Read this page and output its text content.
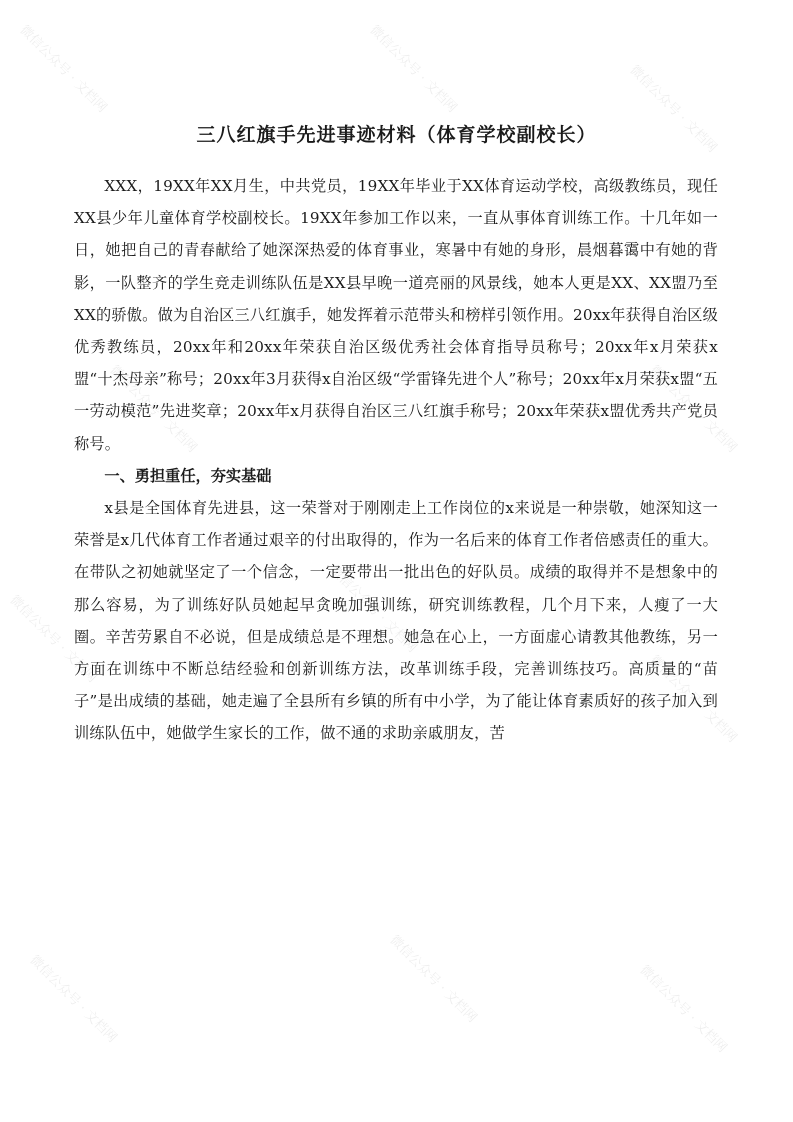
微信公众号 · 文档网	微信公众号 · 文档网	微信公众号 · 文档网
微信公众号 · 文档网	微信公众号 · 文档网
微信公众号 · 文档网	微信公众号 · 文档网
微信公众号 · 文档网
微信公众号 · 文档网	微信公众号 · 文档网	微信公众号 · 文档网
三八红旗手先进事迹材料（体育学校副校长）

XXX，19XX年XX月生，中共党员，19XX年毕业于XX体育运动学校，高级教练员，现任XX县少年儿童体育学校副校长。19XX年参加工作以来，一直从事体育训练工作。十几年如一日，她把自己的青春献给了她深深热爱的体育事业，寒暑中有她的身形，晨烟暮霭中有她的背影，一队整齐的学生竞走训练队伍是XX县早晚一道亮丽的风景线，她本人更是XX、XX盟乃至XX的骄傲。做为自治区三八红旗手，她发挥着示范带头和榜样引领作用。20xx年获得自治区级优秀教练员，20xx年和20xx年荣获自治区级优秀社会体育指导员称号；20xx年x月荣获x盟“十杰母亲”称号；20xx年3月获得x自治区级“学雷锋先进个人”称号；20xx年x月荣获x盟“五一劳动模范”先进奖章；20xx年x月获得自治区三八红旗手称号；20xx年荣获x盟优秀共产党员称号。

一、勇担重任，夯实基础

x县是全国体育先进县，这一荣誉对于刚刚走上工作岗位的x来说是一种崇敬，她深知这一荣誉是x几代体育工作者通过艰辛的付出取得的，作为一名后来的体育工作者倍感责任的重大。在带队之初她就坚定了一个信念，一定要带出一批出色的好队员。成绩的取得并不是想象中的那么容易，为了训练好队员她起早贪晚加强训练，研究训练教程，几个月下来，人瘦了一大圈。辛苦劳累自不必说，但是成绩总是不理想。她急在心上，一方面虚心请教其他教练，另一方面在训练中不断总结经验和创新训练方法，改革训练手段，完善训练技巧。高质量的“苗子”是出成绩的基础，她走遍了全县所有乡镇的所有中小学，为了能让体育素质好的孩子加入到训练队伍中，她做学生家长的工作，做不通的求助亲戚朋友，苦
